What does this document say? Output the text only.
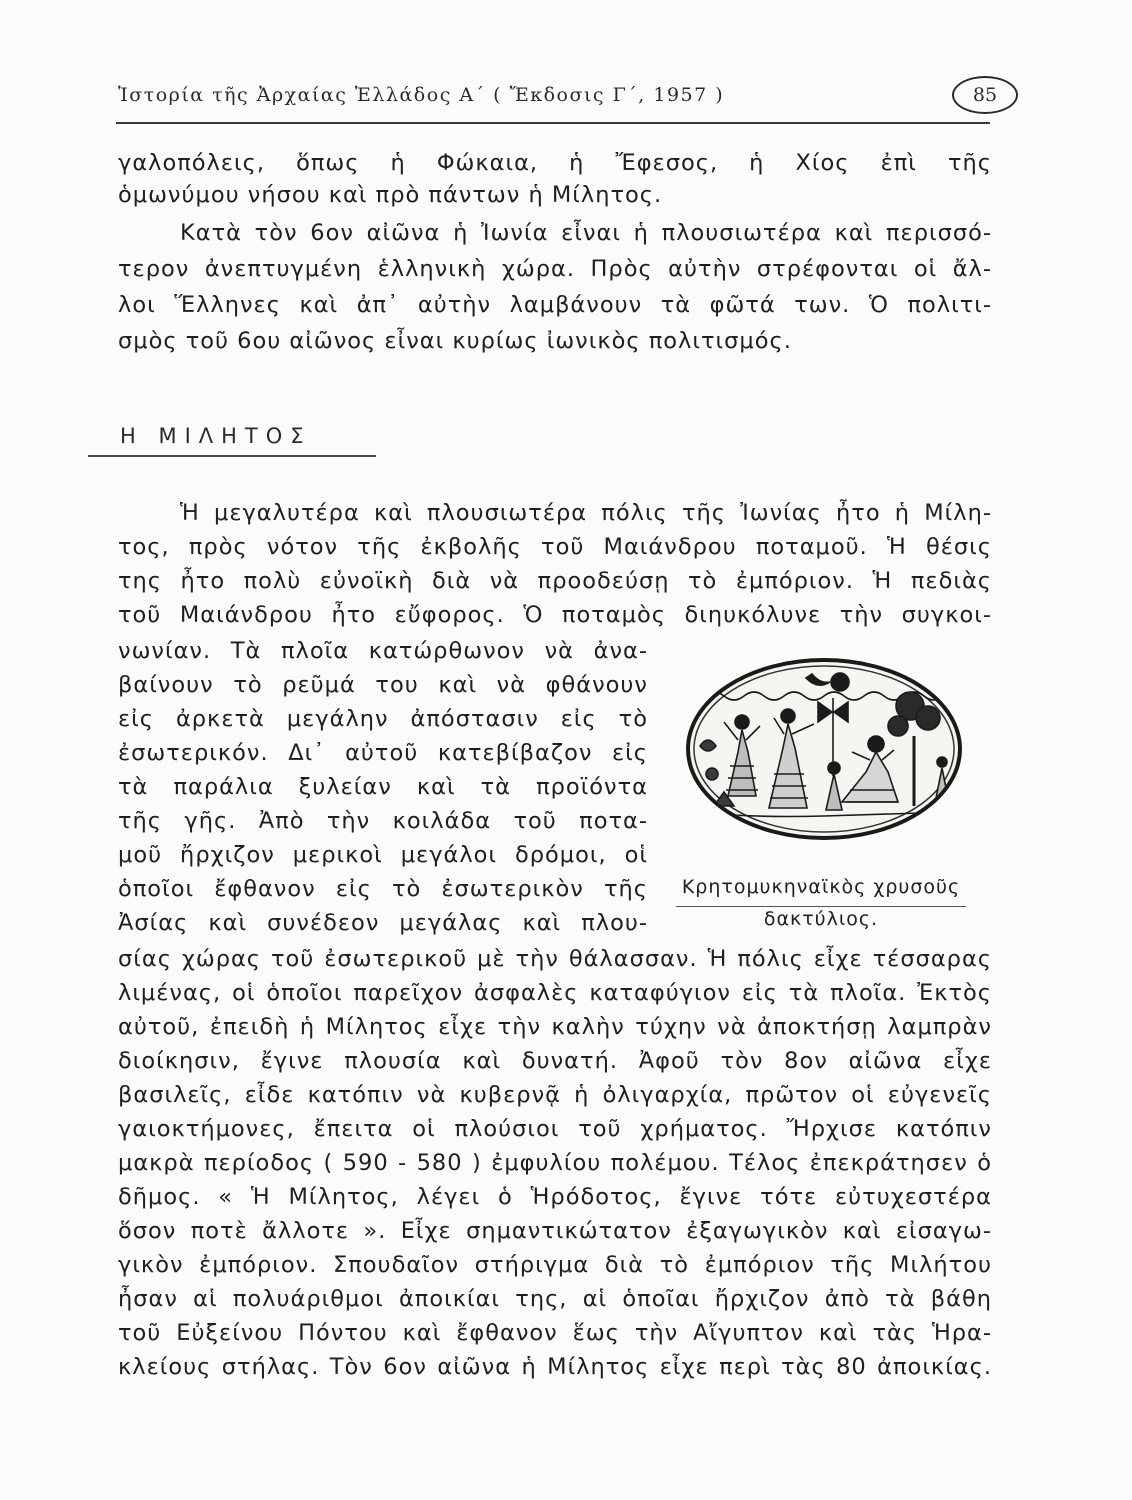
Ἱστορία τῆς Ἀρχαίας Ἑλλάδος Α΄ ( Ἔκδοσις Γ΄, 1957 )	85
γαλοπόλεις, ὅπως ἡ Φώκαια, ἡ Ἔφεσος, ἡ Χίος ἐπὶ τῆς
ὁμωνύμου νήσου καὶ πρὸ πάντων ἡ Μίλητος.
Κατὰ τὸν 6ον αἰῶνα ἡ Ἰωνία εἶναι ἡ πλουσιωτέρα καὶ περισσό-
τερον ἀνεπτυγμένη ἑλληνικὴ χώρα. Πρὸς αὐτὴν στρέφονται οἱ ἄλ-
λοι Ἕλληνες καὶ ἀπ᾽ αὐτὴν λαμβάνουν τὰ φῶτά των. Ὁ πολιτι-
σμὸς τοῦ 6ου αἰῶνος εἶναι κυρίως ἰωνικὸς πολιτισμός.
Η ΜΙΛΗΤΟΣ
Ἡ μεγαλυτέρα καὶ πλουσιωτέρα πόλις τῆς Ἰωνίας ἦτο ἡ Μίλη-
τος, πρὸς νότον τῆς ἐκβολῆς τοῦ Μαιάνδρου ποταμοῦ. Ἡ θέσις
της ἦτο πολὺ εὐνοϊκὴ διὰ νὰ προοδεύσῃ τὸ ἐμπόριον. Ἡ πεδιὰς
τοῦ Μαιάνδρου ἦτο εὔφορος. Ὁ ποταμὸς διηυκόλυνε τὴν συγκοι-
νωνίαν. Τὰ πλοῖα κατώρθωνον νὰ ἀνα-
βαίνουν τὸ ρεῦμά του καὶ νὰ φθάνουν
εἰς ἀρκετὰ μεγάλην ἀπόστασιν εἰς τὸ
ἐσωτερικόν. Δι᾽ αὐτοῦ κατεβίβαζον εἰς
τὰ παράλια ξυλείαν καὶ τὰ προϊόντα
τῆς γῆς. Ἀπὸ τὴν κοιλάδα τοῦ ποτα-
μοῦ ἤρχιζον μερικοὶ μεγάλοι δρόμοι, οἱ
ὁποῖοι ἔφθανον εἰς τὸ ἐσωτερικὸν τῆς
Ἀσίας καὶ συνέδεον μεγάλας καὶ πλου-
σίας χώρας τοῦ ἐσωτερικοῦ μὲ τὴν θάλασσαν. Ἡ πόλις εἶχε τέσσαρας
λιμένας, οἱ ὁποῖοι παρεῖχον ἀσφαλὲς καταφύγιον εἰς τὰ πλοῖα. Ἐκτὸς
αὐτοῦ, ἐπειδὴ ἡ Μίλητος εἶχε τὴν καλὴν τύχην νὰ ἀποκτήσῃ λαμπρὰν
διοίκησιν, ἔγινε πλουσία καὶ δυνατή. Ἀφοῦ τὸν 8ον αἰῶνα εἶχε
βασιλεῖς, εἶδε κατόπιν νὰ κυβερνᾷ ἡ ὀλιγαρχία, πρῶτον οἱ εὐγενεῖς
γαιοκτήμονες, ἔπειτα οἱ πλούσιοι τοῦ χρήματος. Ἤρχισε κατόπιν
μακρὰ περίοδος ( 590 - 580 ) ἐμφυλίου πολέμου. Τέλος ἐπεκράτησεν ὁ
δῆμος. « Ἡ Μίλητος, λέγει ὁ Ἡρόδοτος, ἔγινε τότε εὐτυχεστέρα
ὅσον ποτὲ ἄλλοτε ». Εἶχε σημαντικώτατον ἐξαγωγικὸν καὶ εἰσαγω-
γικὸν ἐμπόριον. Σπουδαῖον στήριγμα διὰ τὸ ἐμπόριον τῆς Μιλήτου
ἦσαν αἱ πολυάριθμοι ἀποικίαι της, αἱ ὁποῖαι ἤρχιζον ἀπὸ τὰ βάθη
τοῦ Εὐξείνου Πόντου καὶ ἔφθανον ἕως τὴν Αἴγυπτον καὶ τὰς Ἡρα-
κλείους στήλας. Τὸν 6ον αἰῶνα ἡ Μίλητος εἶχε περὶ τὰς 80 ἀποικίας.
Κρητομυκηναϊκὸς χρυσοῦς
δακτύλιος.
